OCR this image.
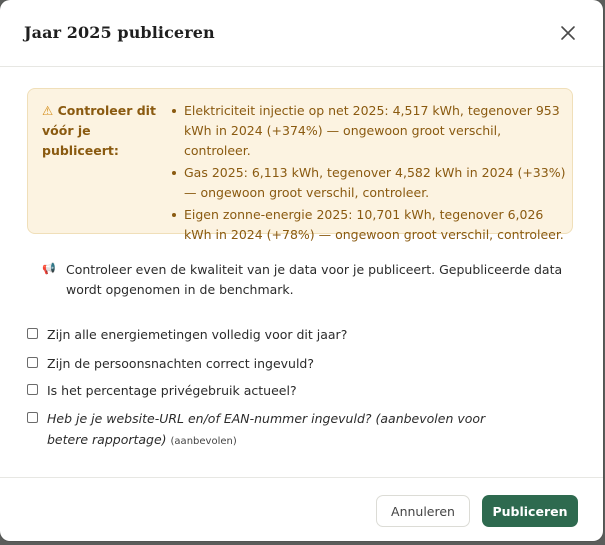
Jaar 2025 publiceren
⚠ Controleer dit vóór je publiceert:
Elektriciteit injectie op net 2025: 4,517 kWh, tegenover 953 kWh in 2024 (+374%) — ongewoon groot verschil, controleer.
Gas 2025: 6,113 kWh, tegenover 4,582 kWh in 2024 (+33%) — ongewoon groot verschil, controleer.
Eigen zonne-energie 2025: 10,701 kWh, tegenover 6,026 kWh in 2024 (+78%) — ongewoon groot verschil, controleer.
📢 Controleer even de kwaliteit van je data voor je publiceert. Gepubliceerde data wordt opgenomen in de benchmark.
Zijn alle energiemetingen volledig voor dit jaar?
Zijn de persoonsnachten correct ingevuld?
Is het percentage privégebruik actueel?
Heb je je website-URL en/of EAN-nummer ingevuld? (aanbevolen voor betere rapportage) (aanbevolen)
Annuleren	Publiceren
